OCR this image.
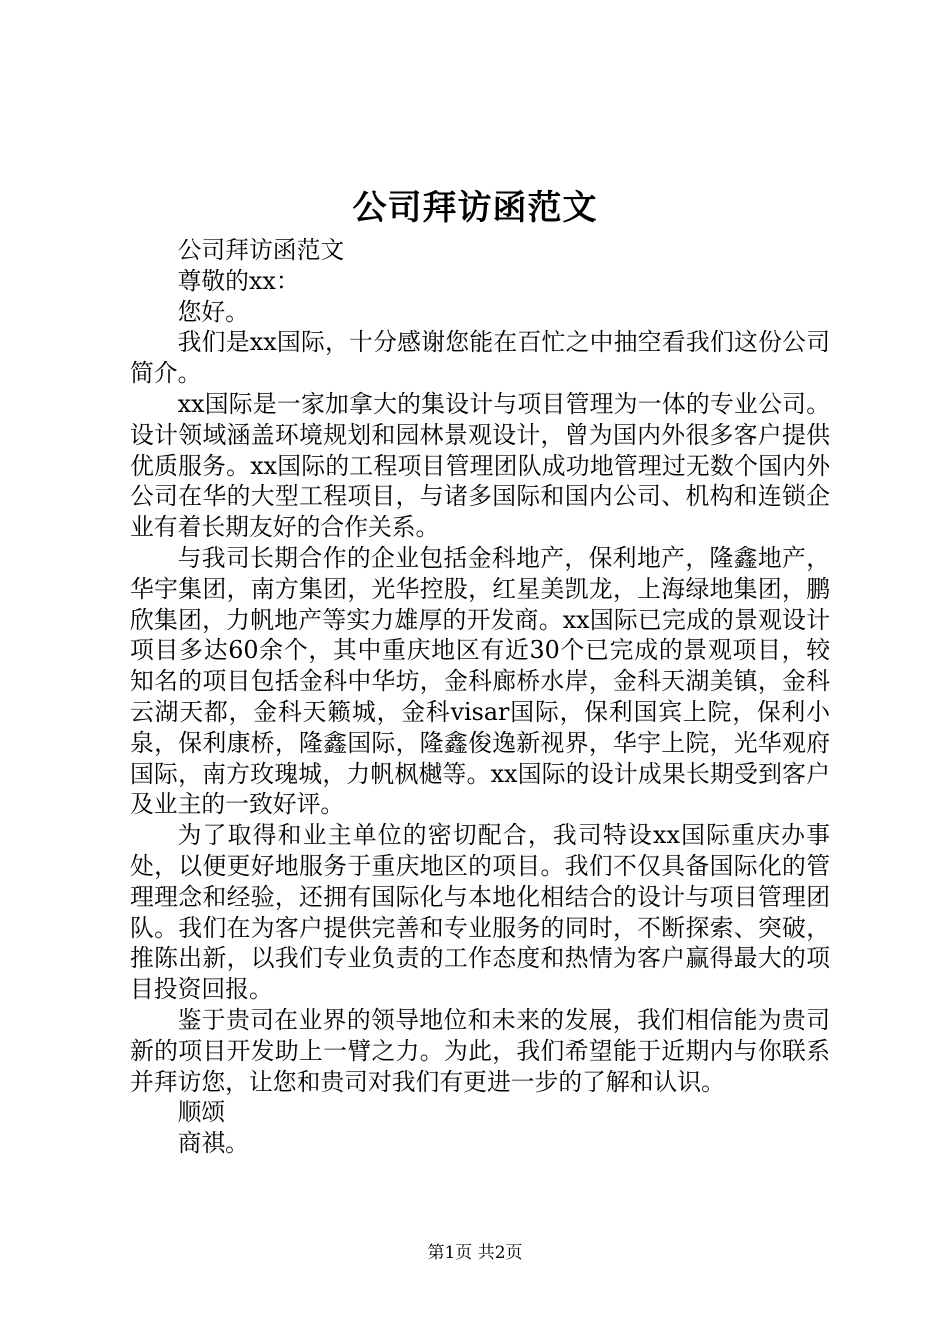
公司拜访函范文

公司拜访函范文

尊敬的xx：

您好。

我们是xx国际，十分感谢您能在百忙之中抽空看我们这份公司简介。

xx国际是一家加拿大的集设计与项目管理为一体的专业公司。设计领域涵盖环境规划和园林景观设计，曾为国内外很多客户提供优质服务。xx国际的工程项目管理团队成功地管理过无数个国内外公司在华的大型工程项目，与诸多国际和国内公司、机构和连锁企业有着长期友好的合作关系。

与我司长期合作的企业包括金科地产，保利地产，隆鑫地产，华宇集团，南方集团，光华控股，红星美凯龙，上海绿地集团，鹏欣集团，力帆地产等实力雄厚的开发商。xx国际已完成的景观设计项目多达60余个，其中重庆地区有近30个已完成的景观项目，较知名的项目包括金科中华坊，金科廊桥水岸，金科天湖美镇，金科云湖天都，金科天籁城，金科visar国际，保利国宾上院，保利小泉，保利康桥，隆鑫国际，隆鑫俊逸新视界，华宇上院，光华观府国际，南方玫瑰城，力帆枫樾等。xx国际的设计成果长期受到客户及业主的一致好评。

为了取得和业主单位的密切配合，我司特设xx国际重庆办事处，以便更好地服务于重庆地区的项目。我们不仅具备国际化的管理理念和经验，还拥有国际化与本地化相结合的设计与项目管理团队。我们在为客户提供完善和专业服务的同时，不断探索、突破，推陈出新，以我们专业负责的工作态度和热情为客户赢得最大的项目投资回报。

鉴于贵司在业界的领导地位和未来的发展，我们相信能为贵司新的项目开发助上一臂之力。为此，我们希望能于近期内与你联系并拜访您，让您和贵司对我们有更进一步的了解和认识。

顺颂

商祺。

第1页 共2页
